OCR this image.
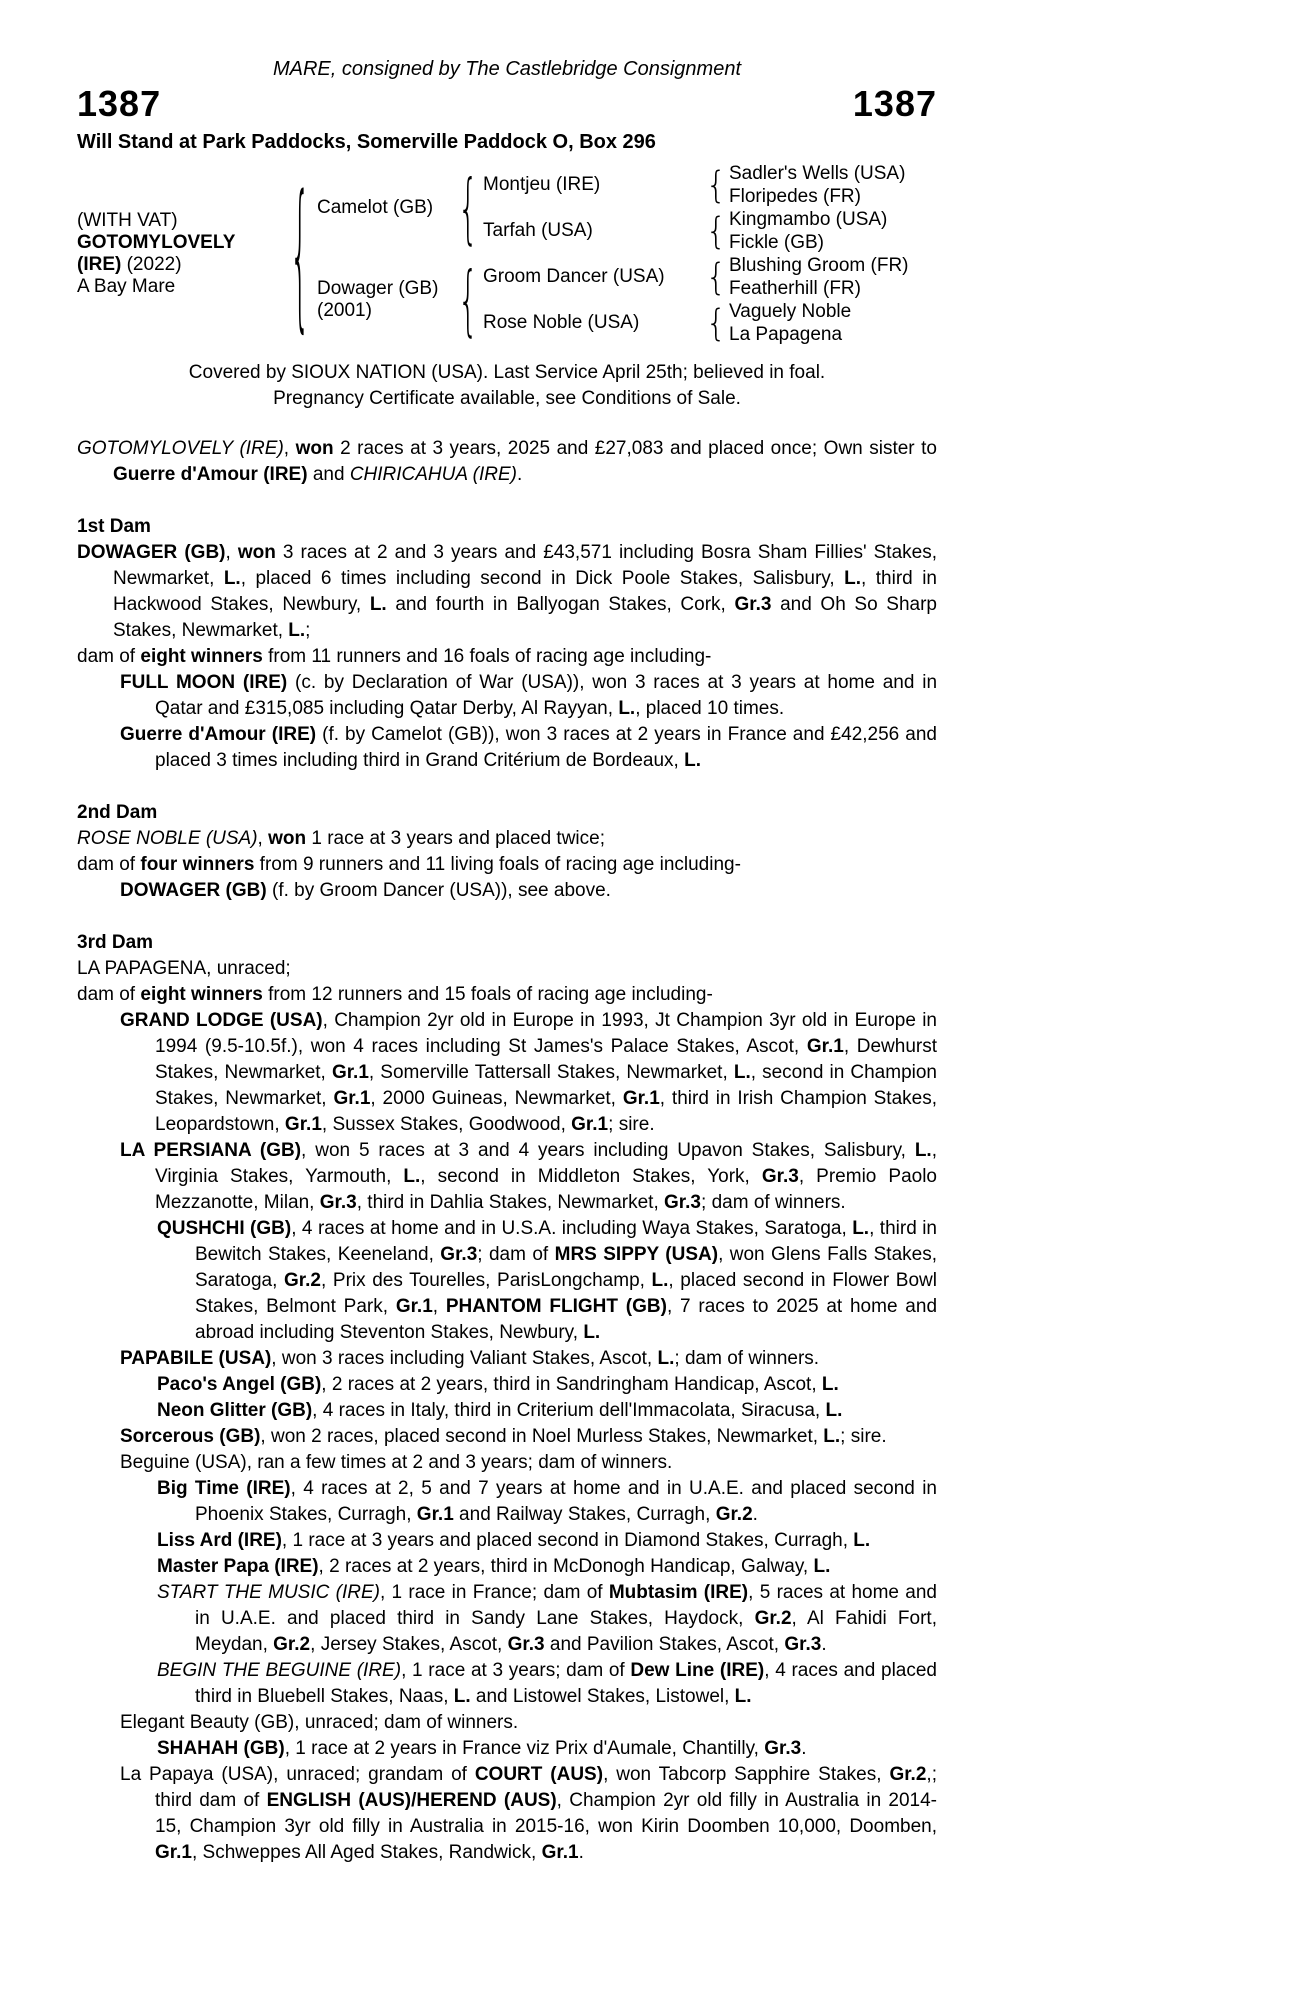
MARE, consigned by The Castlebridge Consignment
1387	1387
Will Stand at Park Paddocks, Somerville Paddock O, Box 296
(WITH VAT)
GOTOMYLOVELY
(IRE) (2022)
A Bay Mare	{ Camelot (GB)
Dowager (GB)
(2001)
{
{
Montjeu (IRE)
Tarfah (USA)
Groom Dancer (USA)
Rose Noble (USA)
{
{
{
{
Sadler's Wells (USA)
Floripedes (FR)
Kingmambo (USA)
Fickle (GB)
Blushing Groom (FR)
Featherhill (FR)
Vaguely Noble
La Papagena
Covered by SIOUX NATION (USA). Last Service April 25th; believed in foal.
Pregnancy Certificate available, see Conditions of Sale.
GOTOMYLOVELY (IRE), won 2 races at 3 years, 2025 and £27,083 and placed once; Own sister to Guerre d'Amour (IRE) and CHIRICAHUA (IRE).
1st Dam
DOWAGER (GB), won 3 races at 2 and 3 years and £43,571 including Bosra Sham Fillies' Stakes, Newmarket, L., placed 6 times including second in Dick Poole Stakes, Salisbury, L., third in Hackwood Stakes, Newbury, L. and fourth in Ballyogan Stakes, Cork, Gr.3 and Oh So Sharp Stakes, Newmarket, L.;
dam of eight winners from 11 runners and 16 foals of racing age including-
FULL MOON (IRE) (c. by Declaration of War (USA)), won 3 races at 3 years at home and in Qatar and £315,085 including Qatar Derby, Al Rayyan, L., placed 10 times.
Guerre d'Amour (IRE) (f. by Camelot (GB)), won 3 races at 2 years in France and £42,256 and placed 3 times including third in Grand Critérium de Bordeaux, L.
2nd Dam
ROSE NOBLE (USA), won 1 race at 3 years and placed twice;
dam of four winners from 9 runners and 11 living foals of racing age including-
DOWAGER (GB) (f. by Groom Dancer (USA)), see above.
3rd Dam
LA PAPAGENA, unraced;
dam of eight winners from 12 runners and 15 foals of racing age including-
GRAND LODGE (USA), Champion 2yr old in Europe in 1993, Jt Champion 3yr old in Europe in 1994 (9.5-10.5f.), won 4 races including St James's Palace Stakes, Ascot, Gr.1, Dewhurst Stakes, Newmarket, Gr.1, Somerville Tattersall Stakes, Newmarket, L., second in Champion Stakes, Newmarket, Gr.1, 2000 Guineas, Newmarket, Gr.1, third in Irish Champion Stakes, Leopardstown, Gr.1, Sussex Stakes, Goodwood, Gr.1; sire.
LA PERSIANA (GB), won 5 races at 3 and 4 years including Upavon Stakes, Salisbury, L., Virginia Stakes, Yarmouth, L., second in Middleton Stakes, York, Gr.3, Premio Paolo Mezzanotte, Milan, Gr.3, third in Dahlia Stakes, Newmarket, Gr.3; dam of winners.
QUSHCHI (GB), 4 races at home and in U.S.A. including Waya Stakes, Saratoga, L., third in Bewitch Stakes, Keeneland, Gr.3; dam of MRS SIPPY (USA), won Glens Falls Stakes, Saratoga, Gr.2, Prix des Tourelles, ParisLongchamp, L., placed second in Flower Bowl Stakes, Belmont Park, Gr.1, PHANTOM FLIGHT (GB), 7 races to 2025 at home and abroad including Steventon Stakes, Newbury, L.
PAPABILE (USA), won 3 races including Valiant Stakes, Ascot, L.; dam of winners.
Paco's Angel (GB), 2 races at 2 years, third in Sandringham Handicap, Ascot, L.
Neon Glitter (GB), 4 races in Italy, third in Criterium dell'Immacolata, Siracusa, L.
Sorcerous (GB), won 2 races, placed second in Noel Murless Stakes, Newmarket, L.; sire.
Beguine (USA), ran a few times at 2 and 3 years; dam of winners.
Big Time (IRE), 4 races at 2, 5 and 7 years at home and in U.A.E. and placed second in Phoenix Stakes, Curragh, Gr.1 and Railway Stakes, Curragh, Gr.2.
Liss Ard (IRE), 1 race at 3 years and placed second in Diamond Stakes, Curragh, L.
Master Papa (IRE), 2 races at 2 years, third in McDonogh Handicap, Galway, L.
START THE MUSIC (IRE), 1 race in France; dam of Mubtasim (IRE), 5 races at home and in U.A.E. and placed third in Sandy Lane Stakes, Haydock, Gr.2, Al Fahidi Fort, Meydan, Gr.2, Jersey Stakes, Ascot, Gr.3 and Pavilion Stakes, Ascot, Gr.3.
BEGIN THE BEGUINE (IRE), 1 race at 3 years; dam of Dew Line (IRE), 4 races and placed third in Bluebell Stakes, Naas, L. and Listowel Stakes, Listowel, L.
Elegant Beauty (GB), unraced; dam of winners.
SHAHAH (GB), 1 race at 2 years in France viz Prix d'Aumale, Chantilly, Gr.3.
La Papaya (USA), unraced; grandam of COURT (AUS), won Tabcorp Sapphire Stakes, Gr.2,; third dam of ENGLISH (AUS)/HEREND (AUS), Champion 2yr old filly in Australia in 2014-15, Champion 3yr old filly in Australia in 2015-16, won Kirin Doomben 10,000, Doomben, Gr.1, Schweppes All Aged Stakes, Randwick, Gr.1.
